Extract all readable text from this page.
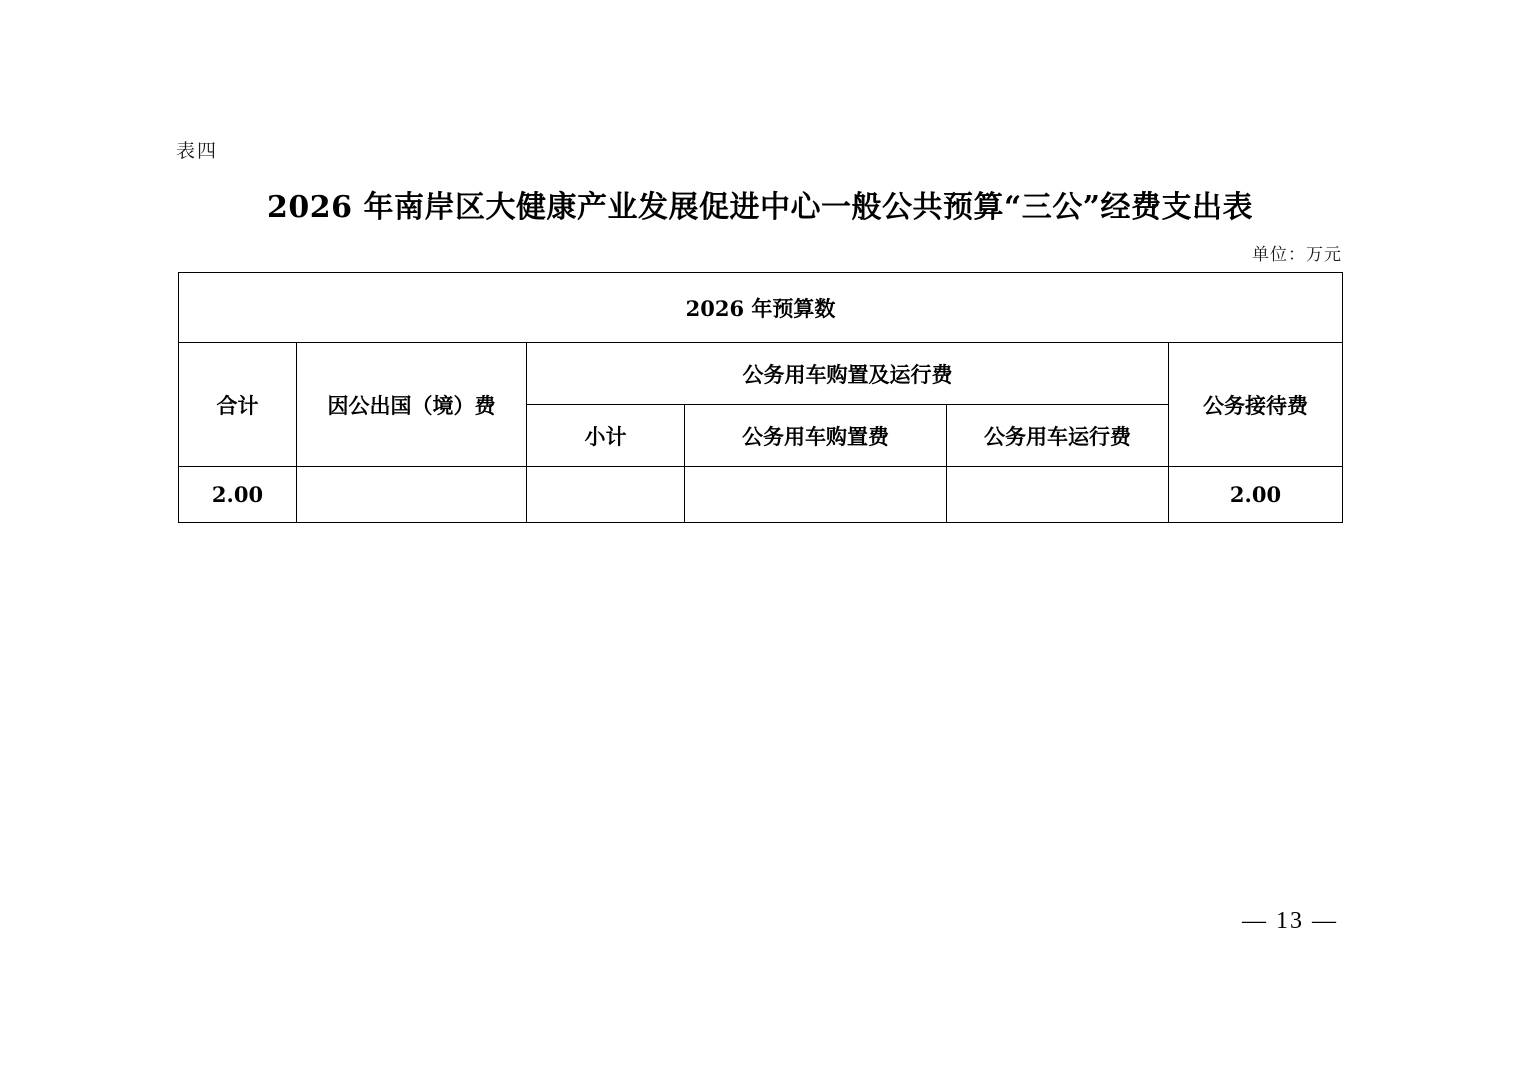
表四
2026 年南岸区大健康产业发展促进中心一般公共预算“三公”经费支出表
单位：万元
2026 年预算数					
合计	因公出国（境）费	公务用车购置及运行费			公务接待费
		小计	公务用车购置费	公务用车运行费	
2.00					2.00
— 13 —
